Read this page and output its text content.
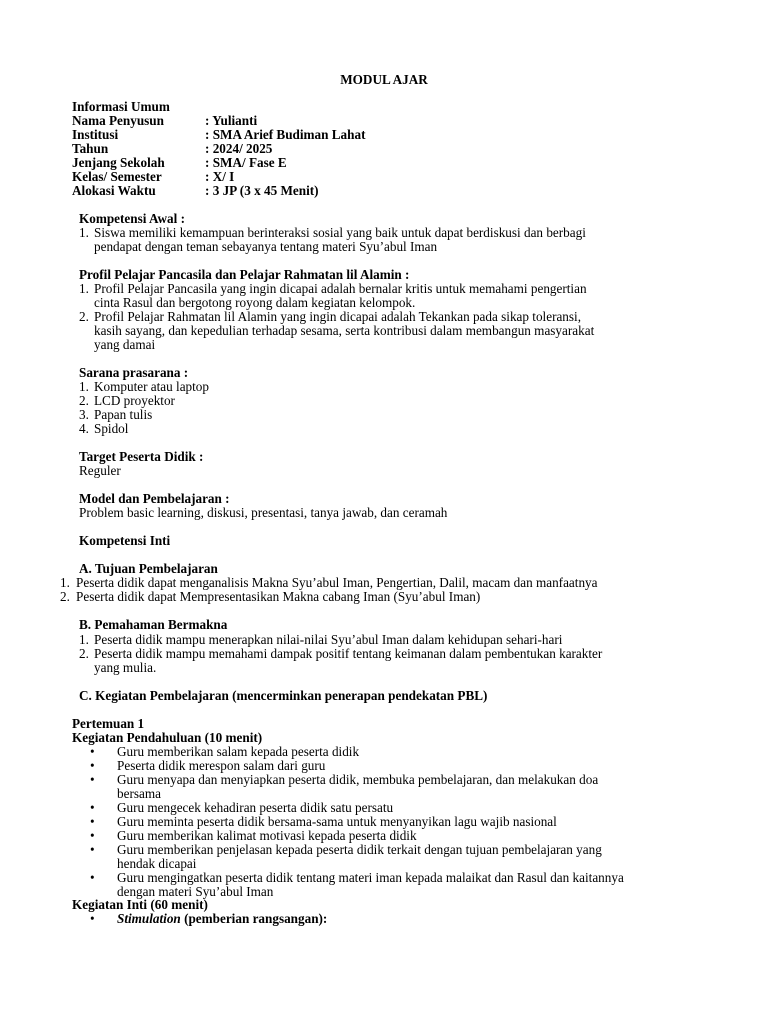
MODUL AJAR
Informasi Umum
Nama Penyusun	: Yulianti
Institusi	: SMA Arief Budiman Lahat
Tahun	: 2024/ 2025
Jenjang Sekolah	: SMA/ Fase E
Kelas/ Semester	: X/ I
Alokasi Waktu	: 3 JP (3 x 45 Menit)
Kompetensi Awal :
1. Siswa memiliki kemampuan berinteraksi sosial yang baik untuk dapat berdiskusi dan berbagi
pendapat dengan teman sebayanya tentang materi Syu’abul Iman
Profil Pelajar Pancasila dan Pelajar Rahmatan lil Alamin :
1. Profil Pelajar Pancasila yang ingin dicapai adalah bernalar kritis untuk memahami pengertian
cinta Rasul dan bergotong royong dalam kegiatan kelompok.
2. Profil Pelajar Rahmatan lil Alamin yang ingin dicapai adalah Tekankan pada sikap toleransi,
kasih sayang, dan kepedulian terhadap sesama, serta kontribusi dalam membangun masyarakat
yang damai
Sarana prasarana :
1. Komputer atau laptop
2. LCD proyektor
3. Papan tulis
4. Spidol
Target Peserta Didik :
Reguler
Model dan Pembelajaran :
Problem basic learning, diskusi, presentasi, tanya jawab, dan ceramah
Kompetensi Inti
A. Tujuan Pembelajaran
1. Peserta didik dapat menganalisis Makna Syu’abul Iman, Pengertian, Dalil, macam dan manfaatnya
2. Peserta didik dapat Mempresentasikan Makna cabang Iman (Syu’abul Iman)
B. Pemahaman Bermakna
1. Peserta didik mampu menerapkan nilai-nilai Syu’abul Iman dalam kehidupan sehari-hari
2. Peserta didik mampu memahami dampak positif tentang keimanan dalam pembentukan karakter
yang mulia.
C. Kegiatan Pembelajaran (mencerminkan penerapan pendekatan PBL)
Pertemuan 1
Kegiatan Pendahuluan (10 menit)
• Guru memberikan salam kepada peserta didik
• Peserta didik merespon salam dari guru
• Guru menyapa dan menyiapkan peserta didik, membuka pembelajaran, dan melakukan doa
bersama
• Guru mengecek kehadiran peserta didik satu persatu
• Guru meminta peserta didik bersama-sama untuk menyanyikan lagu wajib nasional
• Guru memberikan kalimat motivasi kepada peserta didik
• Guru memberikan penjelasan kepada peserta didik terkait dengan tujuan pembelajaran yang
hendak dicapai
• Guru mengingatkan peserta didik tentang materi iman kepada malaikat dan Rasul dan kaitannya
dengan materi Syu’abul Iman
Kegiatan Inti (60 menit)
• Stimulation (pemberian rangsangan):
